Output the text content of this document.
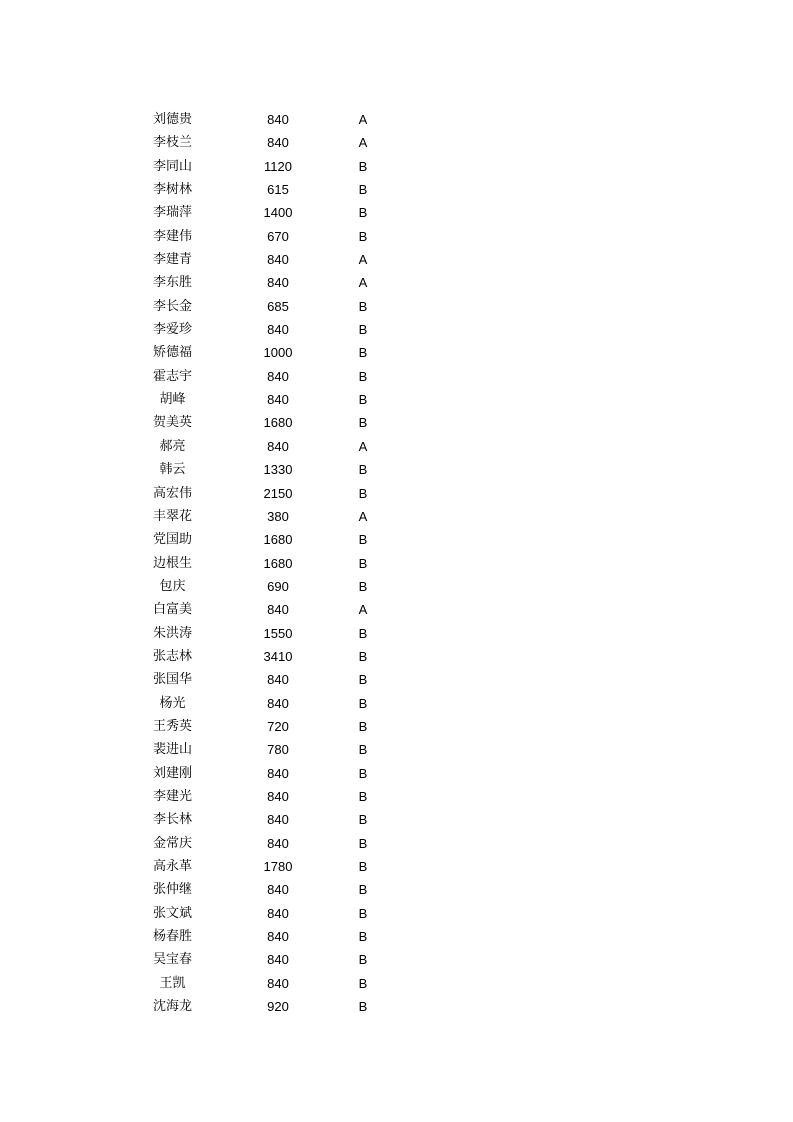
刘德贵	840	A
李枝兰	840	A
李同山	1120	B
李树林	615	B
李瑞萍	1400	B
李建伟	670	B
李建青	840	A
李东胜	840	A
李长金	685	B
李爱珍	840	B
矫德福	1000	B
霍志宇	840	B
胡峰	840	B
贺美英	1680	B
郝亮	840	A
韩云	1330	B
高宏伟	2150	B
丰翠花	380	A
党国助	1680	B
边根生	1680	B
包庆	690	B
白富美	840	A
朱洪涛	1550	B
张志林	3410	B
张国华	840	B
杨光	840	B
王秀英	720	B
裴进山	780	B
刘建刚	840	B
李建光	840	B
李长林	840	B
金常庆	840	B
高永革	1780	B
张仲继	840	B
张文斌	840	B
杨春胜	840	B
吴宝春	840	B
王凯	840	B
沈海龙	920	B
